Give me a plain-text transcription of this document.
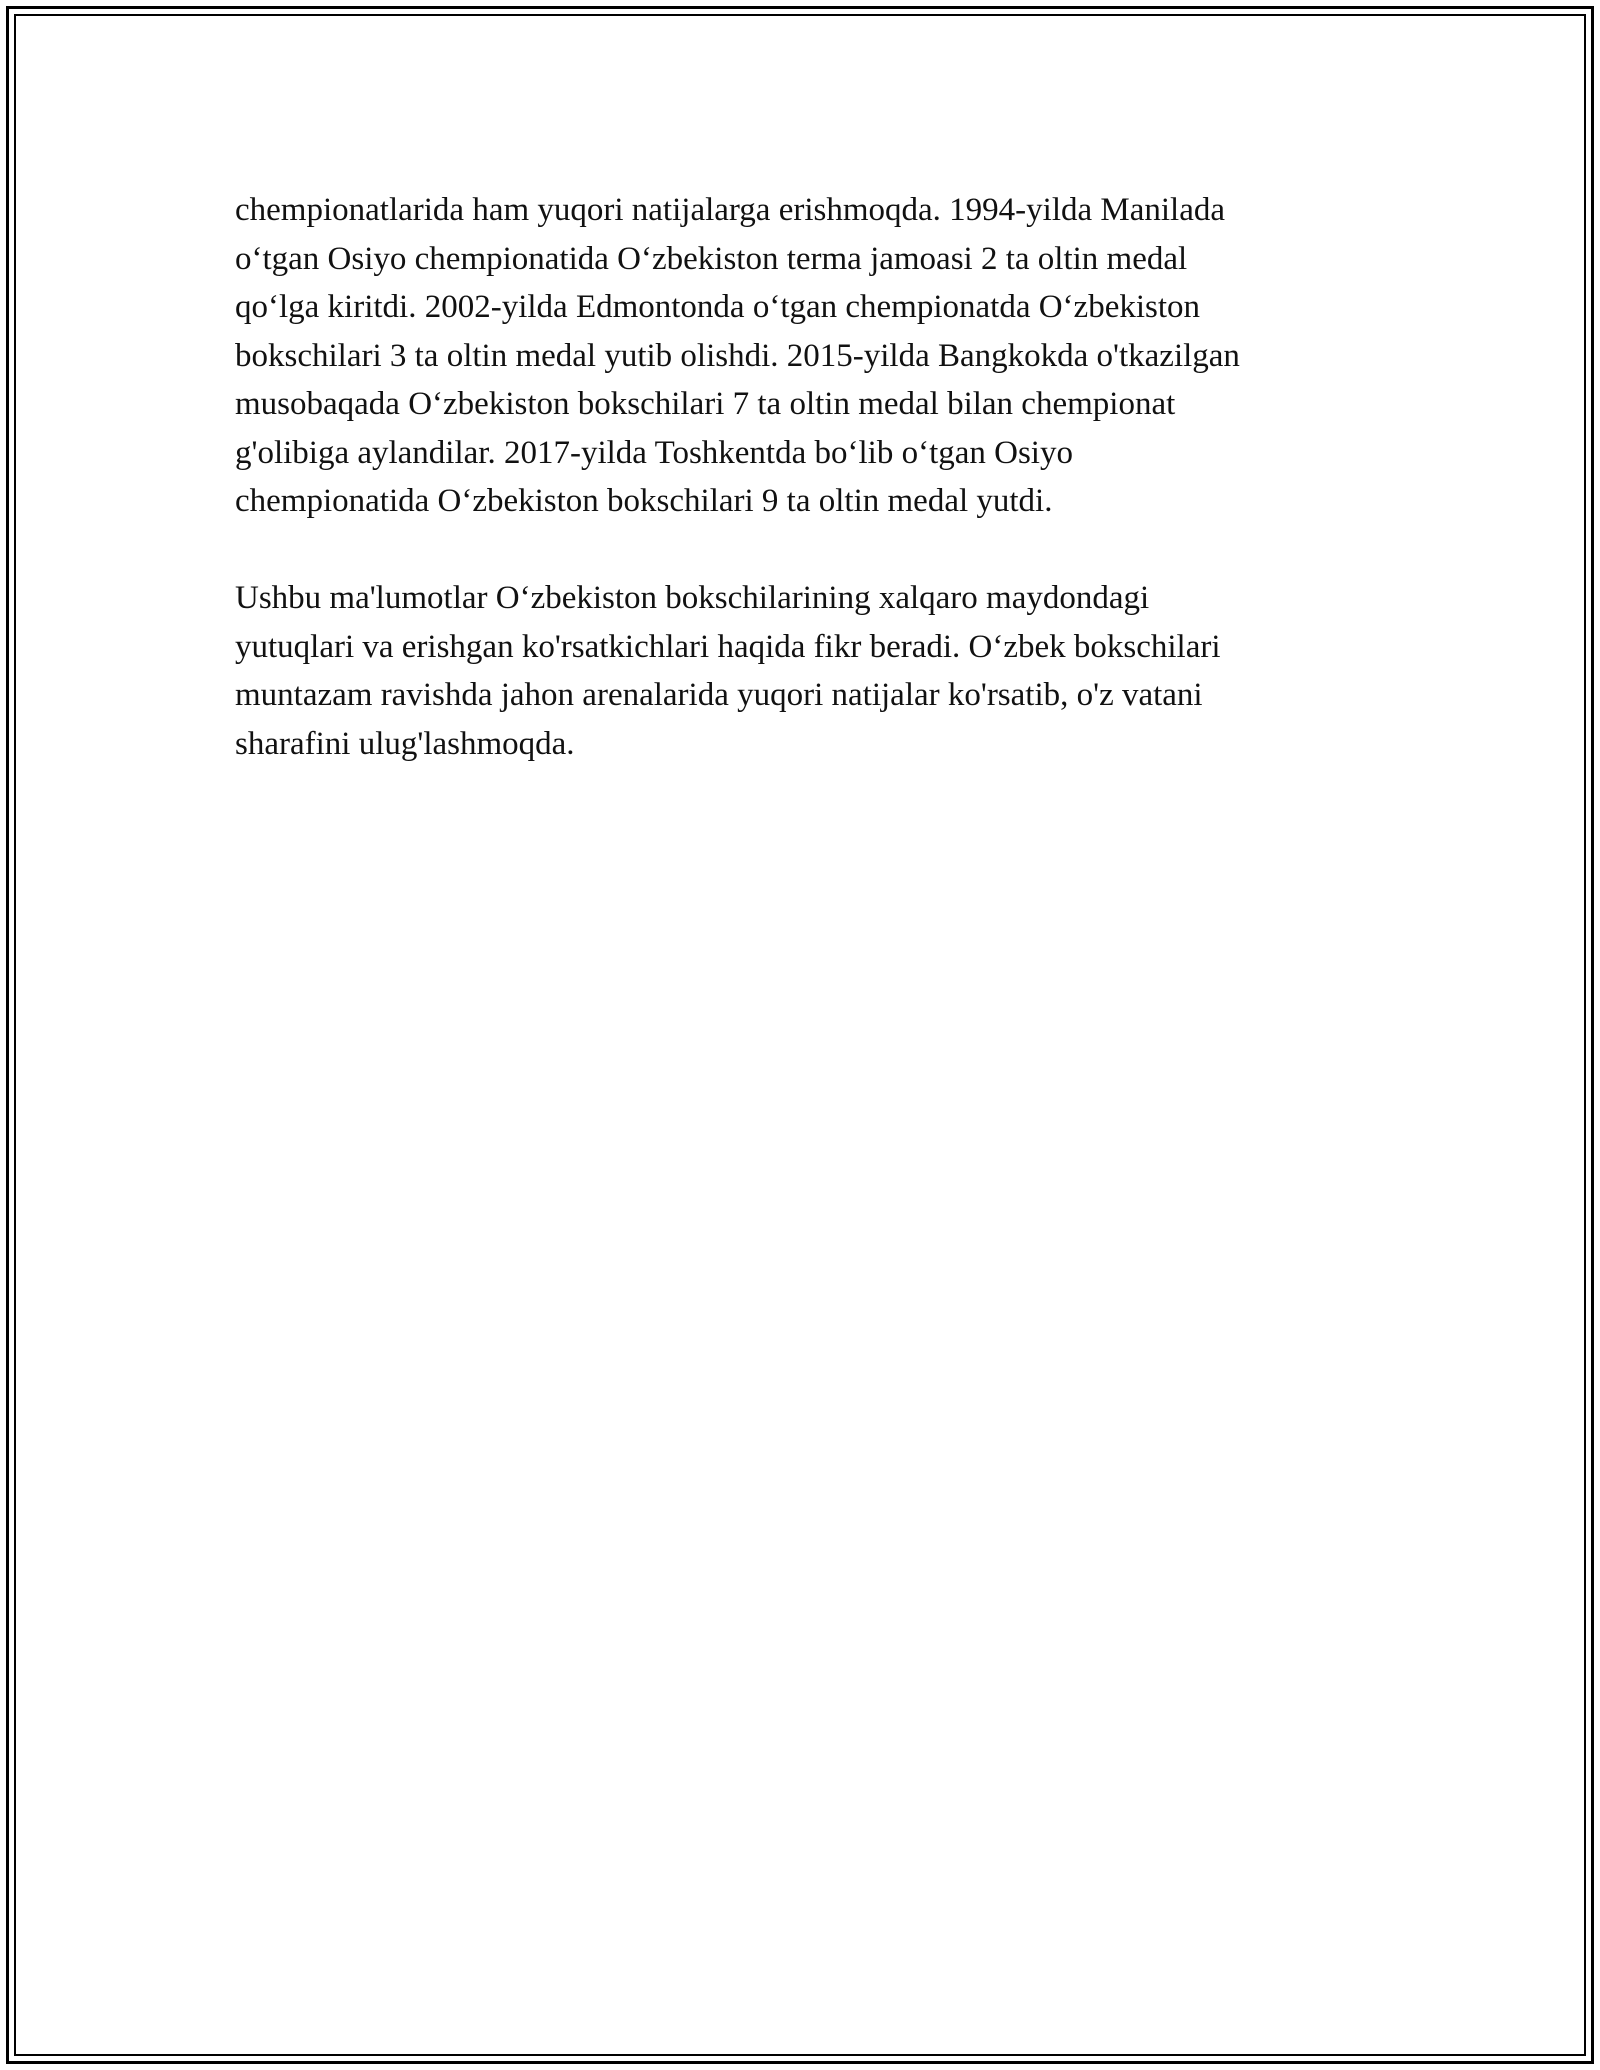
chempionatlarida ham yuqori natijalarga erishmoqda. 1994-yilda Manilada
o‘tgan Osiyo chempionatida O‘zbekiston terma jamoasi 2 ta oltin medal
qo‘lga kiritdi. 2002-yilda Edmontonda o‘tgan chempionatda O‘zbekiston
bokschilari 3 ta oltin medal yutib olishdi. 2015-yilda Bangkokda o'tkazilgan
musobaqada O‘zbekiston bokschilari 7 ta oltin medal bilan chempionat
g'olibiga aylandilar. 2017-yilda Toshkentda bo‘lib o‘tgan Osiyo
chempionatida O‘zbekiston bokschilari 9 ta oltin medal yutdi.

Ushbu ma'lumotlar O‘zbekiston bokschilarining xalqaro maydondagi
yutuqlari va erishgan ko'rsatkichlari haqida fikr beradi. O‘zbek bokschilari
muntazam ravishda jahon arenalarida yuqori natijalar ko'rsatib, o'z vatani
sharafini ulug'lashmoqda.
